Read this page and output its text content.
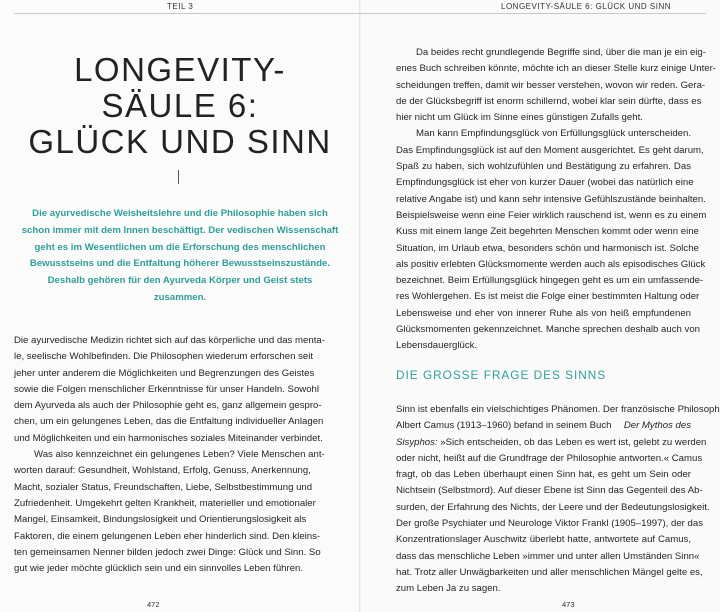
TEIL 3	LONGEVITY-SÄULE 6: GLÜCK UND SINN
LONGEVITY-
SÄULE 6:
GLÜCK UND SINN
Die ayurvedische Weisheitslehre und die Philosophie haben sich
schon immer mit dem Innen beschäftigt. Der vedischen Wissenschaft
geht es im Wesentlichen um die Erforschung des menschlichen
Bewusstseins und die Entfaltung höherer Bewusstseinszustände.
Deshalb gehören für den Ayurveda Körper und Geist stets
zusammen.
Die ayurvedische Medizin richtet sich auf das körperliche und das menta-
le, seelische Wohlbefinden. Die Philosophen wiederum erforschen seit
jeher unter anderem die Möglichkeiten und Begrenzungen des Geistes
sowie die Folgen menschlicher Erkenntnisse für unser Handeln. Sowohl
dem Ayurveda als auch der Philosophie geht es, ganz allgemein gespro-
chen, um ein gelungenes Leben, das die Entfaltung individueller Anlagen
und Möglichkeiten und ein harmonisches soziales Miteinander verbindet.
Was also kennzeichnet ein gelungenes Leben? Viele Menschen ant-
worten darauf: Gesundheit, Wohlstand, Erfolg, Genuss, Anerkennung,
Macht, sozialer Status, Freundschaften, Liebe, Selbstbestimmung und
Zufriedenheit. Umgekehrt gelten Krankheit, materieller und emotionaler
Mangel, Einsamkeit, Bindungslosigkeit und Orientierungslosigkeit als
Faktoren, die einem gelungenen Leben eher hinderlich sind. Den kleins-
ten gemeinsamen Nenner bilden jedoch zwei Dinge: Glück und Sinn. So
gut wie jeder möchte glücklich sein und ein sinnvolles Leben führen.
Da beides recht grundlegende Begriffe sind, über die man je ein eig-
enes Buch schreiben könnte, möchte ich an dieser Stelle kurz einige Unter-
scheidungen treffen, damit wir besser verstehen, wovon wir reden. Gera-
de der Glücksbegriff ist enorm schillernd, wobei klar sein dürfte, dass es
hier nicht um Glück im Sinne eines günstigen Zufalls geht.
Man kann Empfindungsglück von Erfüllungsglück unterscheiden.
Das Empfindungsglück ist auf den Moment ausgerichtet. Es geht darum,
Spaß zu haben, sich wohlzufühlen und Bestätigung zu erfahren. Das
Empfindungsglück ist eher von kurzer Dauer (wobei das natürlich eine
relative Angabe ist) und kann sehr intensive Gefühlszustände beinhalten.
Beispielsweise wenn eine Feier wirklich rauschend ist, wenn es zu einem
Kuss mit einem lange Zeit begehrten Menschen kommt oder wenn eine
Situation, im Urlaub etwa, besonders schön und harmonisch ist. Solche
als positiv erlebten Glücksmomente werden auch als episodisches Glück
bezeichnet. Beim Erfüllungsglück hingegen geht es um ein umfassende-
res Wohlergehen. Es ist meist die Folge einer bestimmten Haltung oder
Lebensweise und eher von innerer Ruhe als von heiß empfundenen
Glücksmomenten gekennzeichnet. Manche sprechen deshalb auch von
Lebensdauerglück.
DIE GROSSE FRAGE DES SINNS
Sinn ist ebenfalls ein vielschichtiges Phänomen. Der französische Philosoph
Albert Camus (1913–1960) befand in seinem Buch Der Mythos des
Sisyphos: »Sich entscheiden, ob das Leben es wert ist, gelebt zu werden
oder nicht, heißt auf die Grundfrage der Philosophie antworten.« Camus
fragt, ob das Leben überhaupt einen Sinn hat, es geht um Sein oder
Nichtsein (Selbstmord). Auf dieser Ebene ist Sinn das Gegenteil des Ab-
surden, der Erfahrung des Nichts, der Leere und der Bedeutungslosigkeit.
Der große Psychiater und Neurologe Viktor Frankl (1905–1997), der das
Konzentrationslager Auschwitz überlebt hatte, antwortete auf Camus,
dass das menschliche Leben »immer und unter allen Umständen Sinn«
hat. Trotz aller Unwägbarkeiten und aller menschlichen Mängel gelte es,
zum Leben Ja zu sagen.
472	473
